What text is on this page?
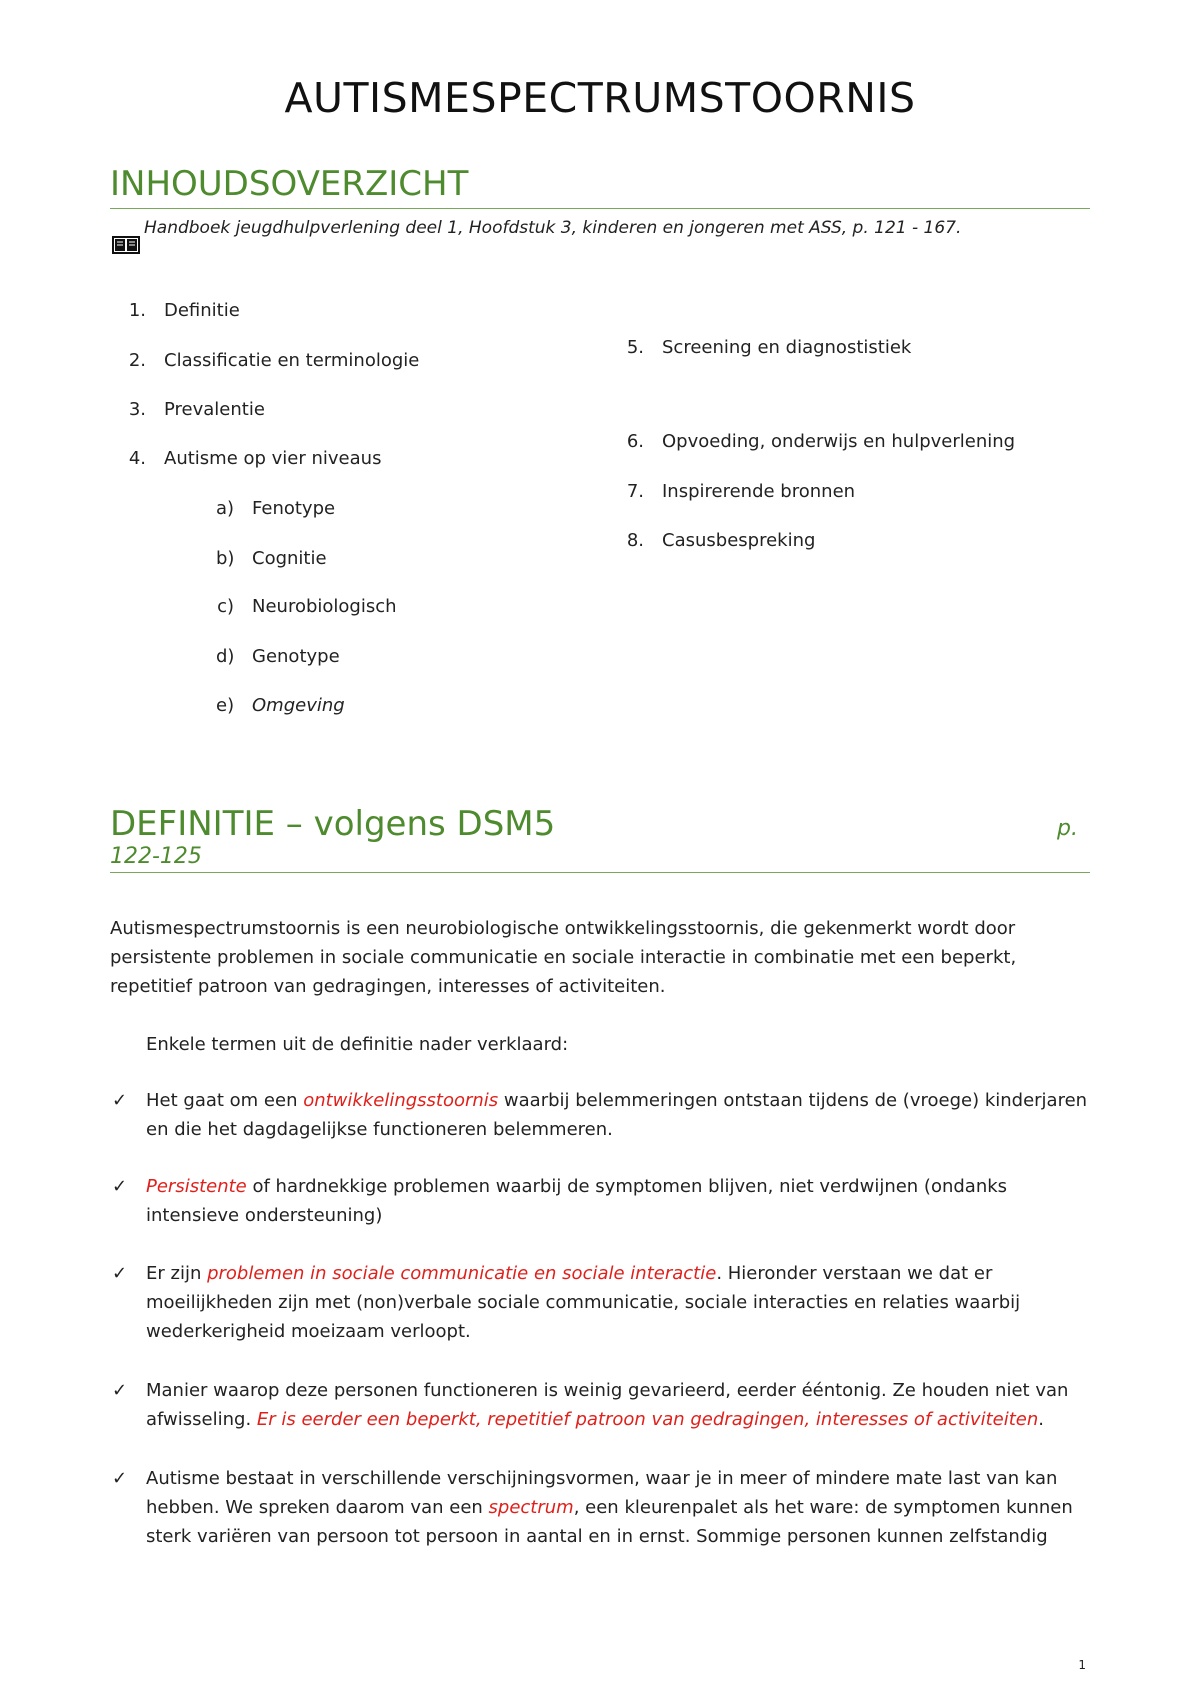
AUTISMESPECTRUMSTOORNIS
INHOUDSOVERZICHT
Handboek jeugdhulpverlening deel 1, Hoofdstuk 3, kinderen en jongeren met ASS, p. 121 - 167.
1. Definitie
2. Classificatie en terminologie
3. Prevalentie
4. Autisme op vier niveaus
a) Fenotype
b) Cognitie
c) Neurobiologisch
d) Genotype
e) Omgeving
5. Screening en diagnostistiek
6. Opvoeding, onderwijs en hulpverlening
7. Inspirerende bronnen
8. Casusbespreking
DEFINITIE – volgens DSM5	p.
122-125

Autismespectrumstoornis is een neurobiologische ontwikkelingsstoornis, die gekenmerkt wordt door persistente problemen in sociale communicatie en sociale interactie in combinatie met een beperkt, repetitief patroon van gedragingen, interesses of activiteiten.

Enkele termen uit de definitie nader verklaard:

✓	Het gaat om een ontwikkelingsstoornis waarbij belemmeringen ontstaan tijdens de (vroege) kinderjaren en die het dagdagelijkse functioneren belemmeren.
✓	Persistente of hardnekkige problemen waarbij de symptomen blijven, niet verdwijnen (ondanks intensieve ondersteuning)
✓	Er zijn problemen in sociale communicatie en sociale interactie. Hieronder verstaan we dat er moeilijkheden zijn met (non)verbale sociale communicatie, sociale interacties en relaties waarbij wederkerigheid moeizaam verloopt.
✓	Manier waarop deze personen functioneren is weinig gevarieerd, eerder ééntonig. Ze houden niet van afwisseling. Er is eerder een beperkt, repetitief patroon van gedragingen, interesses of activiteiten.
✓	Autisme bestaat in verschillende verschijningsvormen, waar je in meer of mindere mate last van kan hebben. We spreken daarom van een spectrum, een kleurenpalet als het ware: de symptomen kunnen sterk variëren van persoon tot persoon in aantal en in ernst. Sommige personen kunnen zelfstandig
1
